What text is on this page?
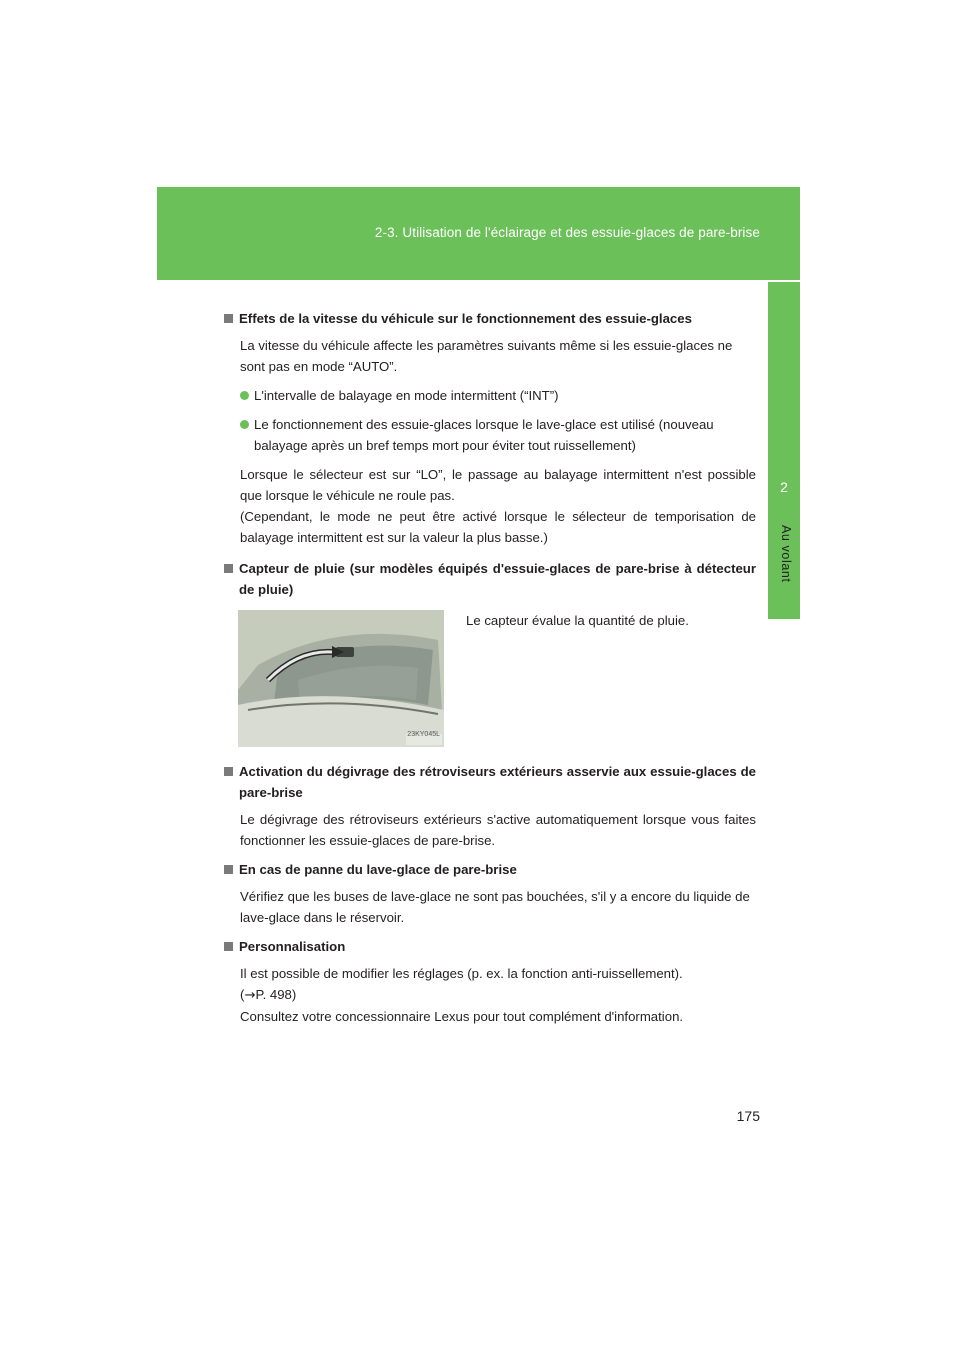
2-3. Utilisation de l'éclairage et des essuie-glaces de pare-brise
2
Au volant
Effets de la vitesse du véhicule sur le fonctionnement des essuie-glaces

La vitesse du véhicule affecte les paramètres suivants même si les essuie-glaces ne sont pas en mode “AUTO”.

L'intervalle de balayage en mode intermittent (“INT”)
Le fonctionnement des essuie-glaces lorsque le lave-glace est utilisé (nouveau balayage après un bref temps mort pour éviter tout ruissellement)

Lorsque le sélecteur est sur “LO”, le passage au balayage intermittent n'est possible que lorsque le véhicule ne roule pas.

(Cependant, le mode ne peut être activé lorsque le sélecteur de temporisation de balayage intermittent est sur la valeur la plus basse.)

Capteur de pluie (sur modèles équipés d'essuie-glaces de pare-brise à détecteur de pluie)
23KY045L

Le capteur évalue la quantité de pluie.

Activation du dégivrage des rétroviseurs extérieurs asservie aux essuie-glaces de pare-brise

Le dégivrage des rétroviseurs extérieurs s'active automatiquement lorsque vous faites fonctionner les essuie-glaces de pare-brise.

En cas de panne du lave-glace de pare-brise

Vérifiez que les buses de lave-glace ne sont pas bouchées, s'il y a encore du liquide de lave-glace dans le réservoir.

Personnalisation
Il est possible de modifier les réglages (p. ex. la fonction anti-ruissellement).
(→P. 498)
Consultez votre concessionnaire Lexus pour tout complément d'information.
175
